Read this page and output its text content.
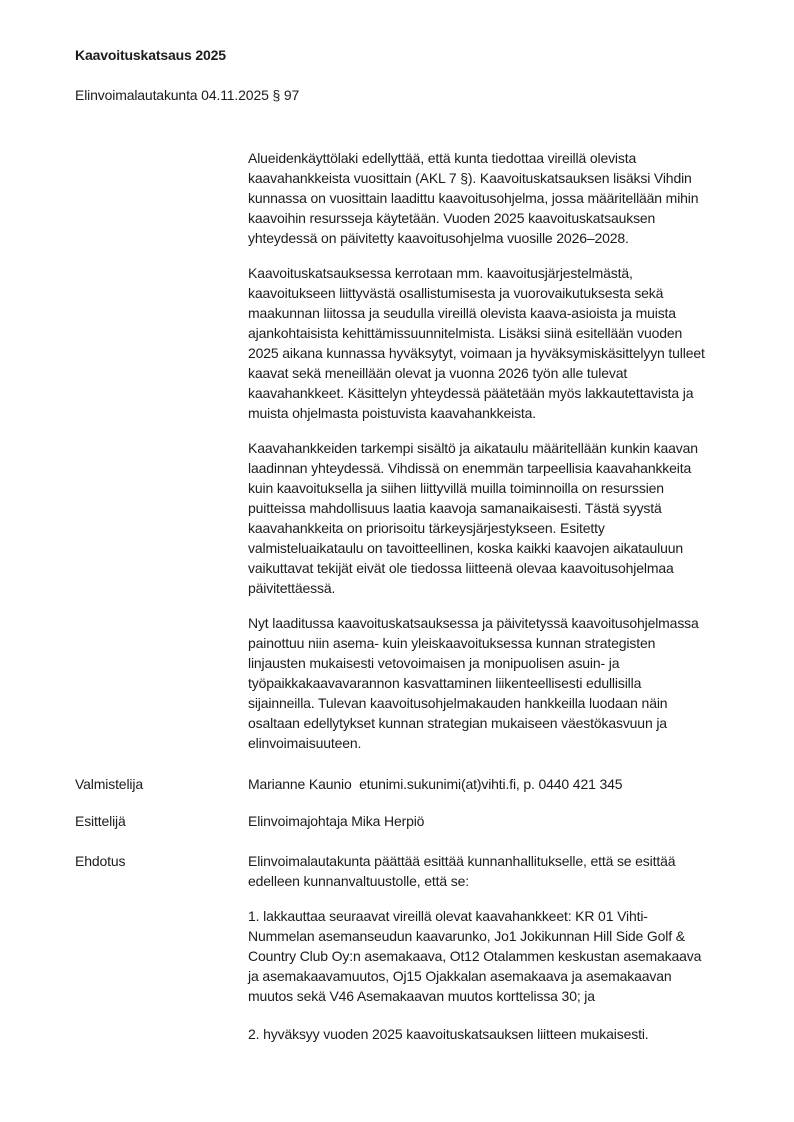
Kaavoituskatsaus 2025
Elinvoimalautakunta 04.11.2025 § 97

Alueidenkäyttölaki edellyttää, että kunta tiedottaa vireillä olevista
kaavahankkeista vuosittain (AKL 7 §). Kaavoituskatsauksen lisäksi Vihdin
kunnassa on vuosittain laadittu kaavoitusohjelma, jossa määritellään mihin
kaavoihin resursseja käytetään. Vuoden 2025 kaavoituskatsauksen
yhteydessä on päivitetty kaavoitusohjelma vuosille 2026–2028.

Kaavoituskatsauksessa kerrotaan mm. kaavoitusjärjestelmästä,
kaavoitukseen liittyvästä osallistumisesta ja vuorovaikutuksesta sekä
maakunnan liitossa ja seudulla vireillä olevista kaava-asioista ja muista
ajankohtaisista kehittämissuunnitelmista. Lisäksi siinä esitellään vuoden
2025 aikana kunnassa hyväksytyt, voimaan ja hyväksymiskäsittelyyn tulleet
kaavat sekä meneillään olevat ja vuonna 2026 työn alle tulevat
kaavahankkeet. Käsittelyn yhteydessä päätetään myös lakkautettavista ja
muista ohjelmasta poistuvista kaavahankkeista.

Kaavahankkeiden tarkempi sisältö ja aikataulu määritellään kunkin kaavan
laadinnan yhteydessä. Vihdissä on enemmän tarpeellisia kaavahankkeita
kuin kaavoituksella ja siihen liittyvillä muilla toiminnoilla on resurssien
puitteissa mahdollisuus laatia kaavoja samanaikaisesti. Tästä syystä
kaavahankkeita on priorisoitu tärkeysjärjestykseen. Esitetty
valmisteluaikataulu on tavoitteellinen, koska kaikki kaavojen aikatauluun
vaikuttavat tekijät eivät ole tiedossa liitteenä olevaa kaavoitusohjelmaa
päivitettäessä.

Nyt laaditussa kaavoituskatsauksessa ja päivitetyssä kaavoitusohjelmassa
painottuu niin asema- kuin yleiskaavoituksessa kunnan strategisten
linjausten mukaisesti vetovoimaisen ja monipuolisen asuin- ja
työpaikkakaavavarannon kasvattaminen liikenteellisesti edullisilla
sijainneilla. Tulevan kaavoitusohjelmakauden hankkeilla luodaan näin
osaltaan edellytykset kunnan strategian mukaiseen väestökasvuun ja
elinvoimaisuuteen.

Valmistelija	Marianne Kaunio  etunimi.sukunimi(at)vihti.fi, p. 0440 421 345
Esittelijä	Elinvoimajohtaja Mika Herpiö
Ehdotus	Elinvoimalautakunta päättää esittää kunnanhallitukselle, että se esittää
edelleen kunnanvaltuustolle, että se:

1. lakkauttaa seuraavat vireillä olevat kaavahankkeet: KR 01 Vihti-
Nummelan asemanseudun kaavarunko, Jo1 Jokikunnan Hill Side Golf &
Country Club Oy:n asemakaava, Ot12 Otalammen keskustan asemakaava
ja asemakaavamuutos, Oj15 Ojakkalan asemakaava ja asemakaavan
muutos sekä V46 Asemakaavan muutos korttelissa 30; ja

2. hyväksyy vuoden 2025 kaavoituskatsauksen liitteen mukaisesti.
